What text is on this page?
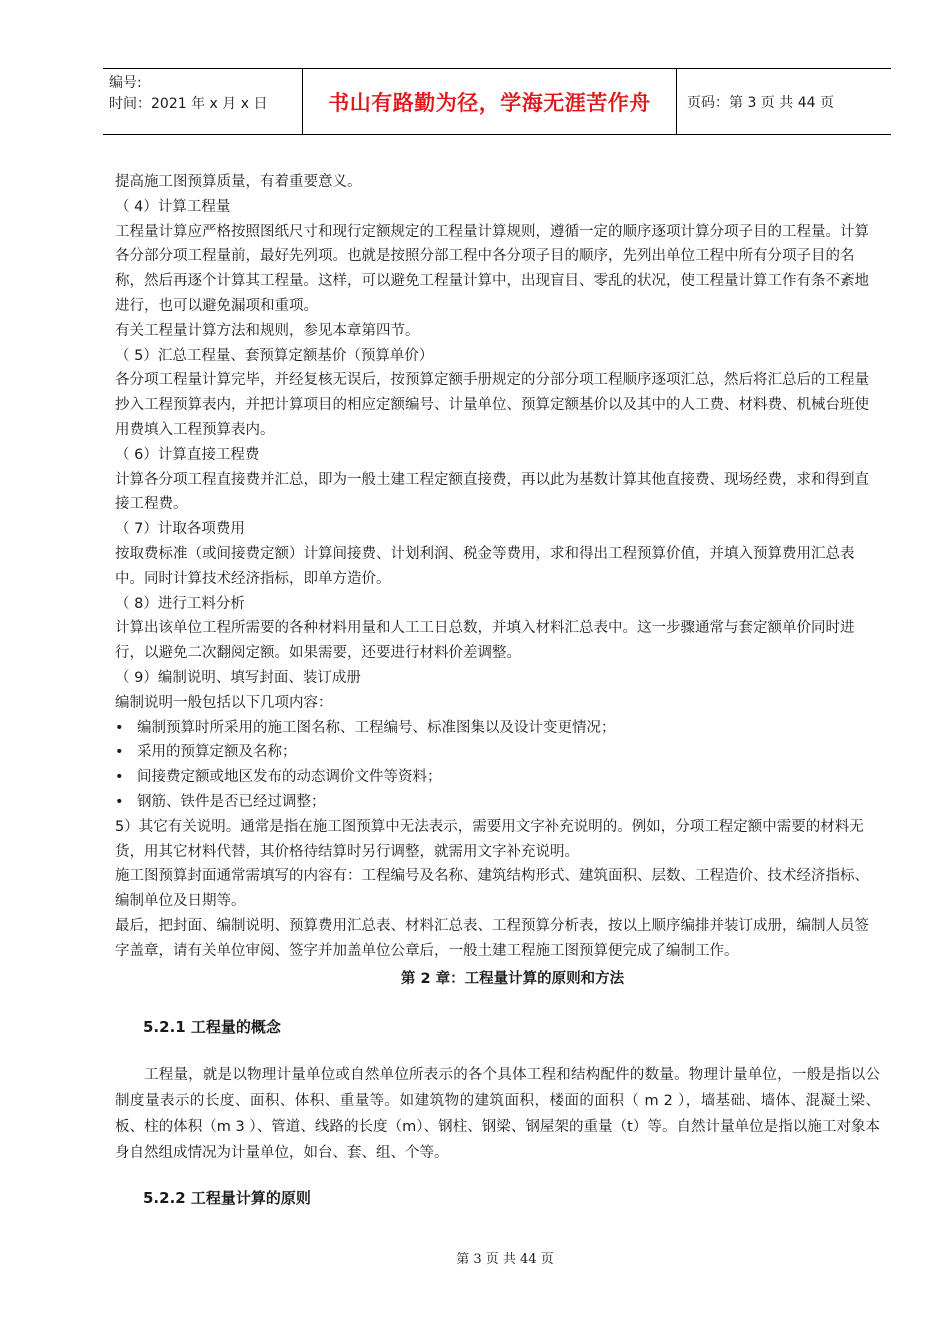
编号:
时间：2021 年 x 月 x 日	书山有路勤为径，学海无涯苦作舟	页码：第 3 页 共 44 页

提高施工图预算质量，有着重要意义。

（ 4）计算工程量

工程量计算应严格按照图纸尺寸和现行定额规定的工程量计算规则，遵循一定的顺序逐项计算分项子目的工程量。计算各分部分项工程量前，最好先列项。也就是按照分部工程中各分项子目的顺序，先列出单位工程中所有分项子目的名称，然后再逐个计算其工程量。这样，可以避免工程量计算中，出现盲目、零乱的状况，使工程量计算工作有条不紊地进行，也可以避免漏项和重项。

有关工程量计算方法和规则，参见本章第四节。

（ 5）汇总工程量、套预算定额基价（预算单价）

各分项工程量计算完毕，并经复核无误后，按预算定额手册规定的分部分项工程顺序逐项汇总，然后将汇总后的工程量抄入工程预算表内，并把计算项目的相应定额编号、计量单位、预算定额基价以及其中的人工费、材料费、机械台班使用费填入工程预算表内。

（ 6）计算直接工程费

计算各分项工程直接费并汇总，即为一般土建工程定额直接费，再以此为基数计算其他直接费、现场经费，求和得到直接工程费。

（ 7）计取各项费用

按取费标准（或间接费定额）计算间接费、计划利润、税金等费用，求和得出工程预算价值，并填入预算费用汇总表中。同时计算技术经济指标，即单方造价。

（ 8）进行工料分析

计算出该单位工程所需要的各种材料用量和人工工日总数，并填入材料汇总表中。这一步骤通常与套定额单价同时进行，以避免二次翻阅定额。如果需要，还要进行材料价差调整。

（ 9）编制说明、填写封面、装订成册

编制说明一般包括以下几项内容：

• 编制预算时所采用的施工图名称、工程编号、标准图集以及设计变更情况；
• 采用的预算定额及名称；
• 间接费定额或地区发布的动态调价文件等资料；
• 钢筋、铁件是否已经过调整；

5）其它有关说明。通常是指在施工图预算中无法表示，需要用文字补充说明的。例如，分项工程定额中需要的材料无货，用其它材料代替，其价格待结算时另行调整，就需用文字补充说明。

施工图预算封面通常需填写的内容有：工程编号及名称、建筑结构形式、建筑面积、层数、工程造价、技术经济指标、编制单位及日期等。

最后，把封面、编制说明、预算费用汇总表、材料汇总表、工程预算分析表，按以上顺序编排并装订成册，编制人员签字盖章，请有关单位审阅、签字并加盖单位公章后，一般土建工程施工图预算便完成了编制工作。

第 2 章：工程量计算的原则和方法

5.2.1 工程量的概念

工程量，就是以物理计量单位或自然单位所表示的各个具体工程和结构配件的数量。物理计量单位，一般是指以公制度量表示的长度、面积、体积、重量等。如建筑物的建筑面积，楼面的面积（ m 2 ），墙基础、墙体、混凝土梁、板、柱的体积（m 3 ）、管道、线路的长度（m）、钢柱、钢梁、钢屋架的重量（t）等。自然计量单位是指以施工对象本身自然组成情况为计量单位，如台、套、组、个等。

5.2.2 工程量计算的原则

第 3 页 共 44 页
